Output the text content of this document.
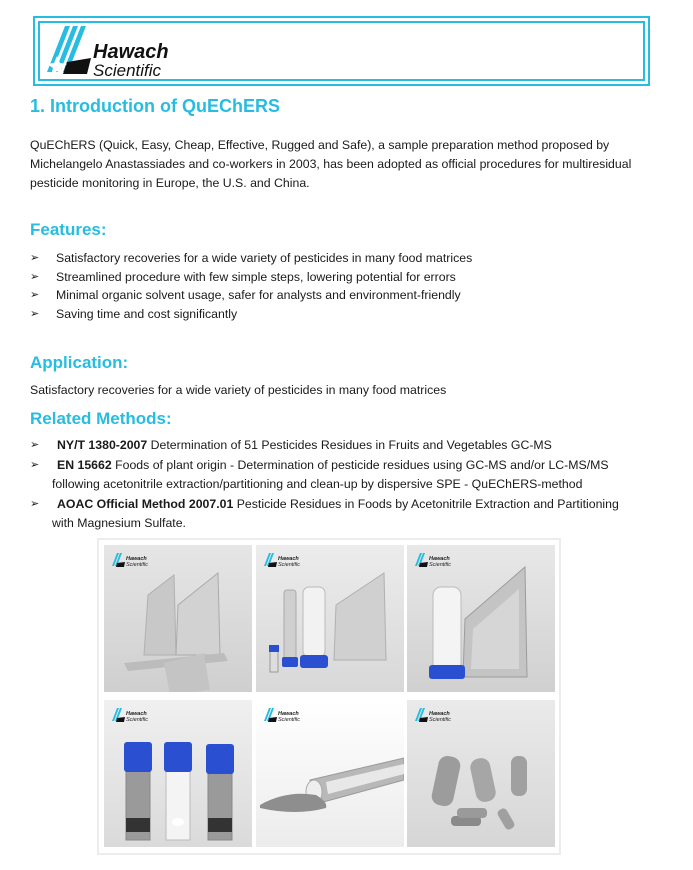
Hawach
Scientific
1. Introduction of QuEChERS
QuEChERS (Quick, Easy, Cheap, Effective, Rugged and Safe), a sample preparation method proposed by
Michelangelo Anastassiades and co-workers in 2003, has been adopted as official procedures for multiresidual
pesticide monitoring in Europe, the U.S. and China.
Features:
➢ Satisfactory recoveries for a wide variety of pesticides in many food matrices
➢ Streamlined procedure with few simple steps, lowering potential for errors
➢ Minimal organic solvent usage, safer for analysts and environment-friendly
➢ Saving time and cost significantly
Application:
Satisfactory recoveries for a wide variety of pesticides in many food matrices
Related Methods:
➢ NY/T 1380-2007 Determination of 51 Pesticides Residues in Fruits and Vegetables GC-MS
➢ EN 15662 Foods of plant origin - Determination of pesticide residues using GC-MS and/or LC-MS/MS
following acetonitrile extraction/partitioning and clean-up by dispersive SPE - QuEChERS-method
➢ AOAC Official Method 2007.01 Pesticide Residues in Foods by Acetonitrile Extraction and Partitioning
with Magnesium Sulfate.
Hawach
Scientific
Hawach
Scientific
Hawach
Scientific
Hawach
Scientific
Hawach
Scientific
Hawach
Scientific
